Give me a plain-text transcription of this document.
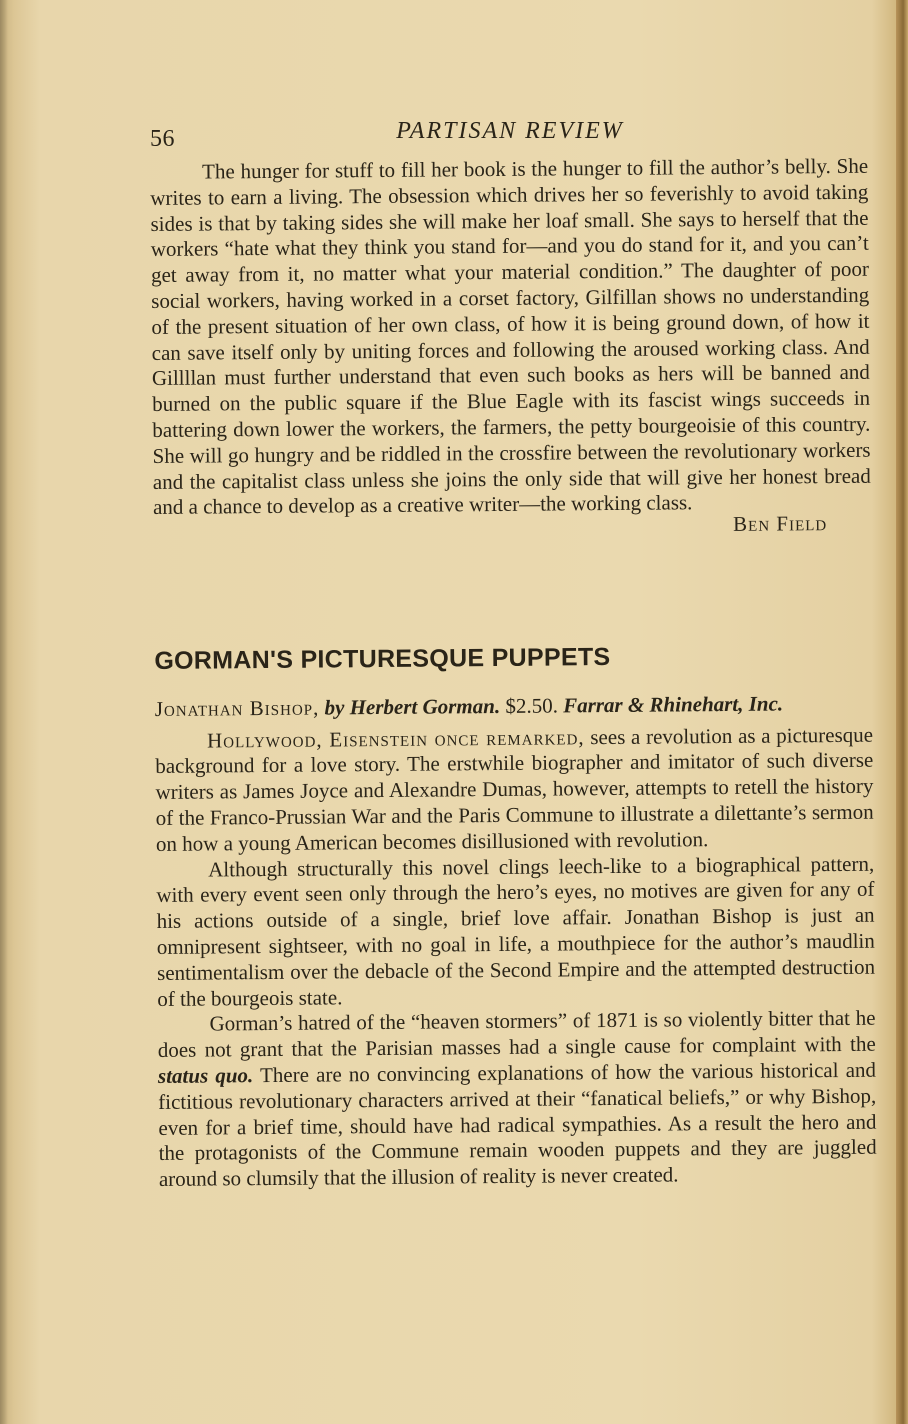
56	PARTISAN REVIEW

The hunger for stuff to fill her book is the hunger to fill the author’s belly. She writes to earn a living. The obsession which drives her so feverishly to avoid taking sides is that by taking sides she will make her loaf small. She says to herself that the workers “hate what they think you stand for—and you do stand for it, and you can’t get away from it, no matter what your material condition.” The daughter of poor social workers, having worked in a corset factory, Gilfillan shows no understanding of the present situation of her own class, of how it is being ground down, of how it can save itself only by uniting forces and following the aroused working class. And Gillllan must further understand that even such books as hers will be banned and burned on the public square if the Blue Eagle with its fascist wings succeeds in battering down lower the workers, the farmers, the petty bourgeoisie of this country. She will go hungry and be riddled in the crossfire between the revolutionary workers and the capitalist class unless she joins the only side that will give her honest bread and a chance to develop as a creative writer—the working class.

Ben Field
GORMAN'S PICTURESQUE PUPPETS
Jonathan Bishop, by Herbert Gorman. $2.50. Farrar & Rhinehart, Inc.

Hollywood, Eisenstein once remarked, sees a revolution as a picturesque background for a love story. The erstwhile biographer and imitator of such diverse writers as James Joyce and Alexandre Dumas, however, attempts to retell the history of the Franco-Prussian War and the Paris Commune to illustrate a dilettante’s sermon on how a young American becomes disillusioned with revolution.

Although structurally this novel clings leech-like to a biographical pattern, with every event seen only through the hero’s eyes, no motives are given for any of his actions outside of a single, brief love affair. Jonathan Bishop is just an omnipresent sightseer, with no goal in life, a mouthpiece for the author’s maudlin sentimentalism over the debacle of the Second Empire and the attempted destruction of the bourgeois state.

Gorman’s hatred of the “heaven stormers” of 1871 is so violently bitter that he does not grant that the Parisian masses had a single cause for complaint with the status quo. There are no convincing explanations of how the various historical and fictitious revolutionary characters arrived at their “fanatical beliefs,” or why Bishop, even for a brief time, should have had radical sympathies. As a result the hero and the protagonists of the Commune remain wooden puppets and they are juggled around so clumsily that the illusion of reality is never created.
